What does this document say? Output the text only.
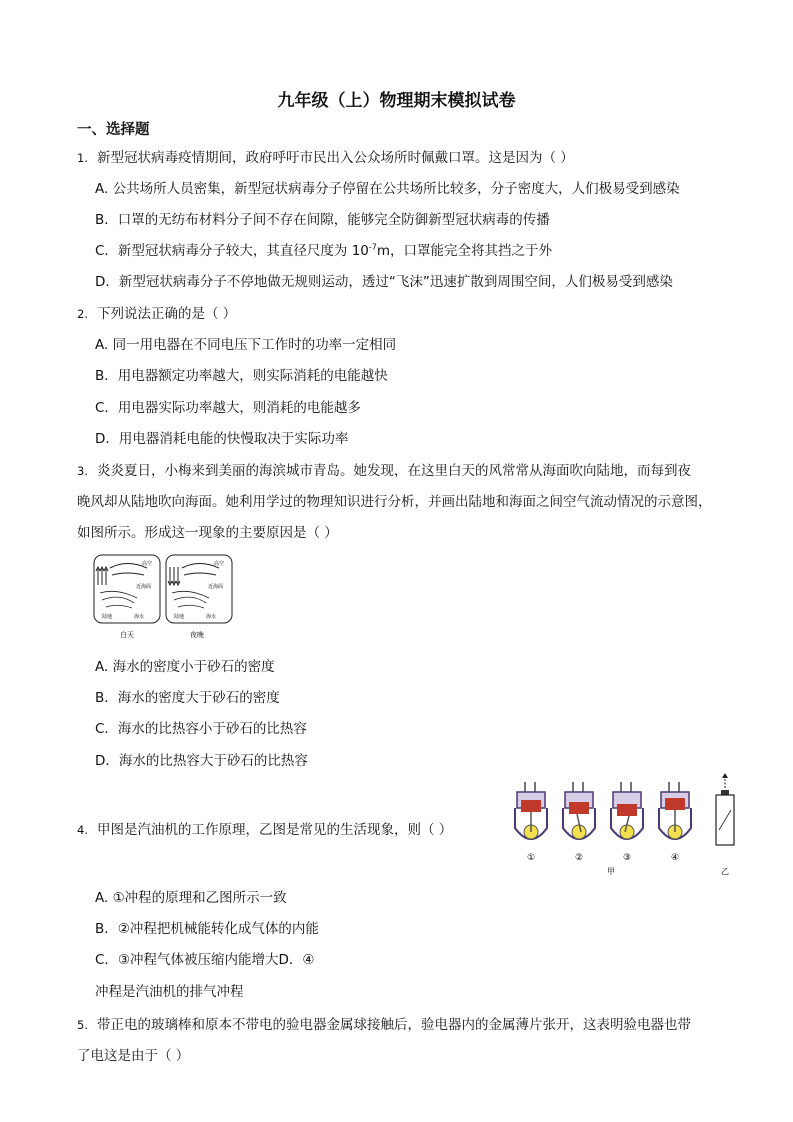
九年级（上）物理期末模拟试卷
一、选择题
1. 新型冠状病毒疫情期间，政府呼吁市民出入公众场所时佩戴口罩。这是因为（ ）
A. 公共场所人员密集，新型冠状病毒分子停留在公共场所比较多，分子密度大，人们极易受到感染
B．口罩的无纺布材料分子间不存在间隙，能够完全防御新型冠状病毒的传播
C．新型冠状病毒分子较大，其直径尺度为 $10^{-7}m$，口罩能完全将其挡之于外
D．新型冠状病毒分子不停地做无规则运动，透过“飞沫”迅速扩散到周围空间，人们极易受到感染
2. 下列说法正确的是（ ）
A. 同一用电器在不同电压下工作时的功率一定相同
B．用电器额定功率越大，则实际消耗的电能越快
C．用电器实际功率越大，则消耗的电能越多
D．用电器消耗电能的快慢取决于实际功率
3. 炎炎夏日，小梅来到美丽的海滨城市青岛。她发现，在这里白天的风常常从海面吹向陆地，而每到夜
晚风却从陆地吹向海面。她利用学过的物理知识进行分析，并画出陆地和海面之间空气流动情况的示意图，
如图所示。形成这一现象的主要原因是（ ）
高空
近海面
陆地	海水
白天
高空
近海面
陆地	海水
夜晚
A. 海水的密度小于砂石的密度
B．海水的密度大于砂石的密度
C．海水的比热容小于砂石的比热容
D．海水的比热容大于砂石的比热容
4. 甲图是汽油机的工作原理，乙图是常见的生活现象，则（ ）
①	②	③	④
甲	乙
A. ①冲程的原理和乙图所示一致
B．②冲程把机械能转化成气体的内能
C．③冲程气体被压缩内能增大D．④
冲程是汽油机的排气冲程
5. 带正电的玻璃棒和原本不带电的验电器金属球接触后，验电器内的金属薄片张开，这表明验电器也带
了电这是由于（ ）
